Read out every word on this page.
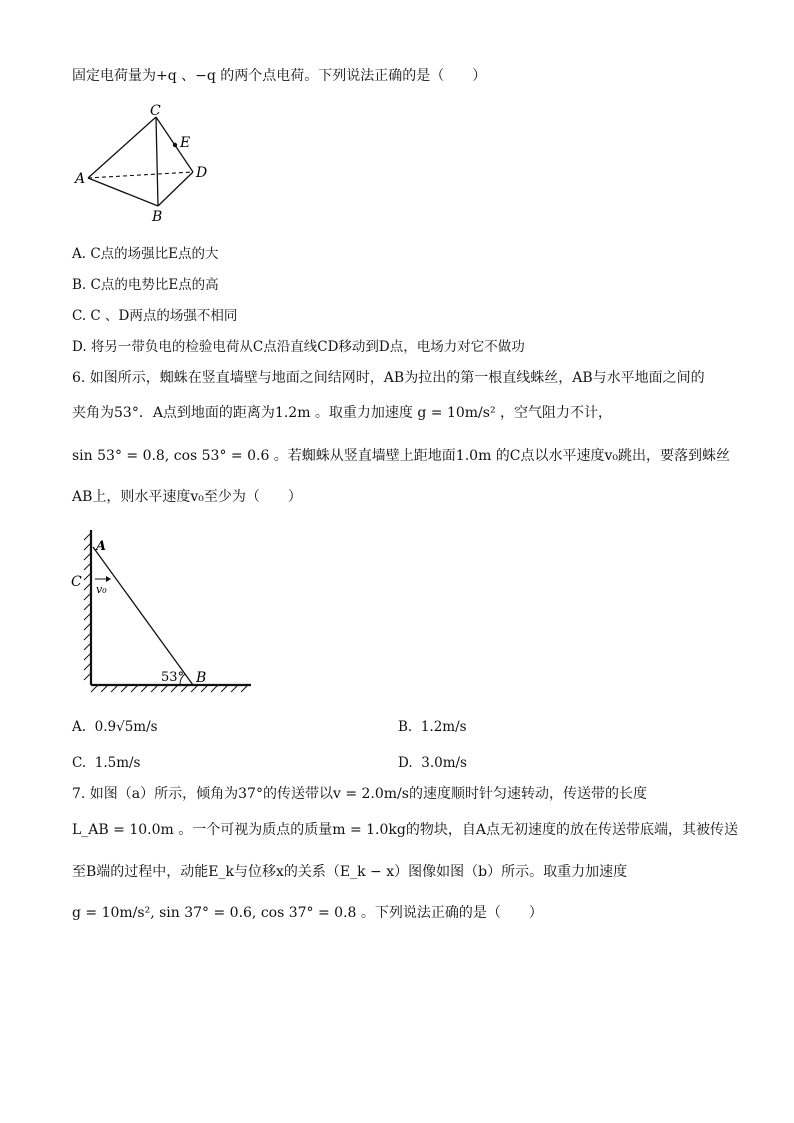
固定电荷量为+q 、−q 的两个点电荷。下列说法正确的是（　　）
C
E
A	D
B
A. C点的场强比E点的大
B. C点的电势比E点的高
C. C 、D两点的场强不相同
D. 将另一带负电的检验电荷从C点沿直线CD移动到D点，电场力对它不做功
6. 如图所示，蜘蛛在竖直墙壁与地面之间结网时，AB为拉出的第一根直线蛛丝，AB与水平地面之间的
夹角为53°．A点到地面的距离为1.2m 。取重力加速度 g = 10m/s² ，空气阻力不计，
sin 53° = 0.8, cos 53° = 0.6 。若蜘蛛从竖直墙壁上距地面1.0m 的C点以水平速度v₀跳出，要落到蛛丝
AB上，则水平速度v₀至少为（　　）
A
C v₀
53° B
A. 0.9√5m/s	B. 1.2m/s
C. 1.5m/s	D. 3.0m/s
7. 如图（a）所示，倾角为37°的传送带以v = 2.0m/s的速度顺时针匀速转动，传送带的长度
L_AB = 10.0m 。一个可视为质点的质量m = 1.0kg的物块，自A点无初速度的放在传送带底端，其被传送
至B端的过程中，动能E_k与位移x的关系（E_k − x）图像如图（b）所示。取重力加速度
g = 10m/s², sin 37° = 0.6, cos 37° = 0.8 。下列说法正确的是（　　）
